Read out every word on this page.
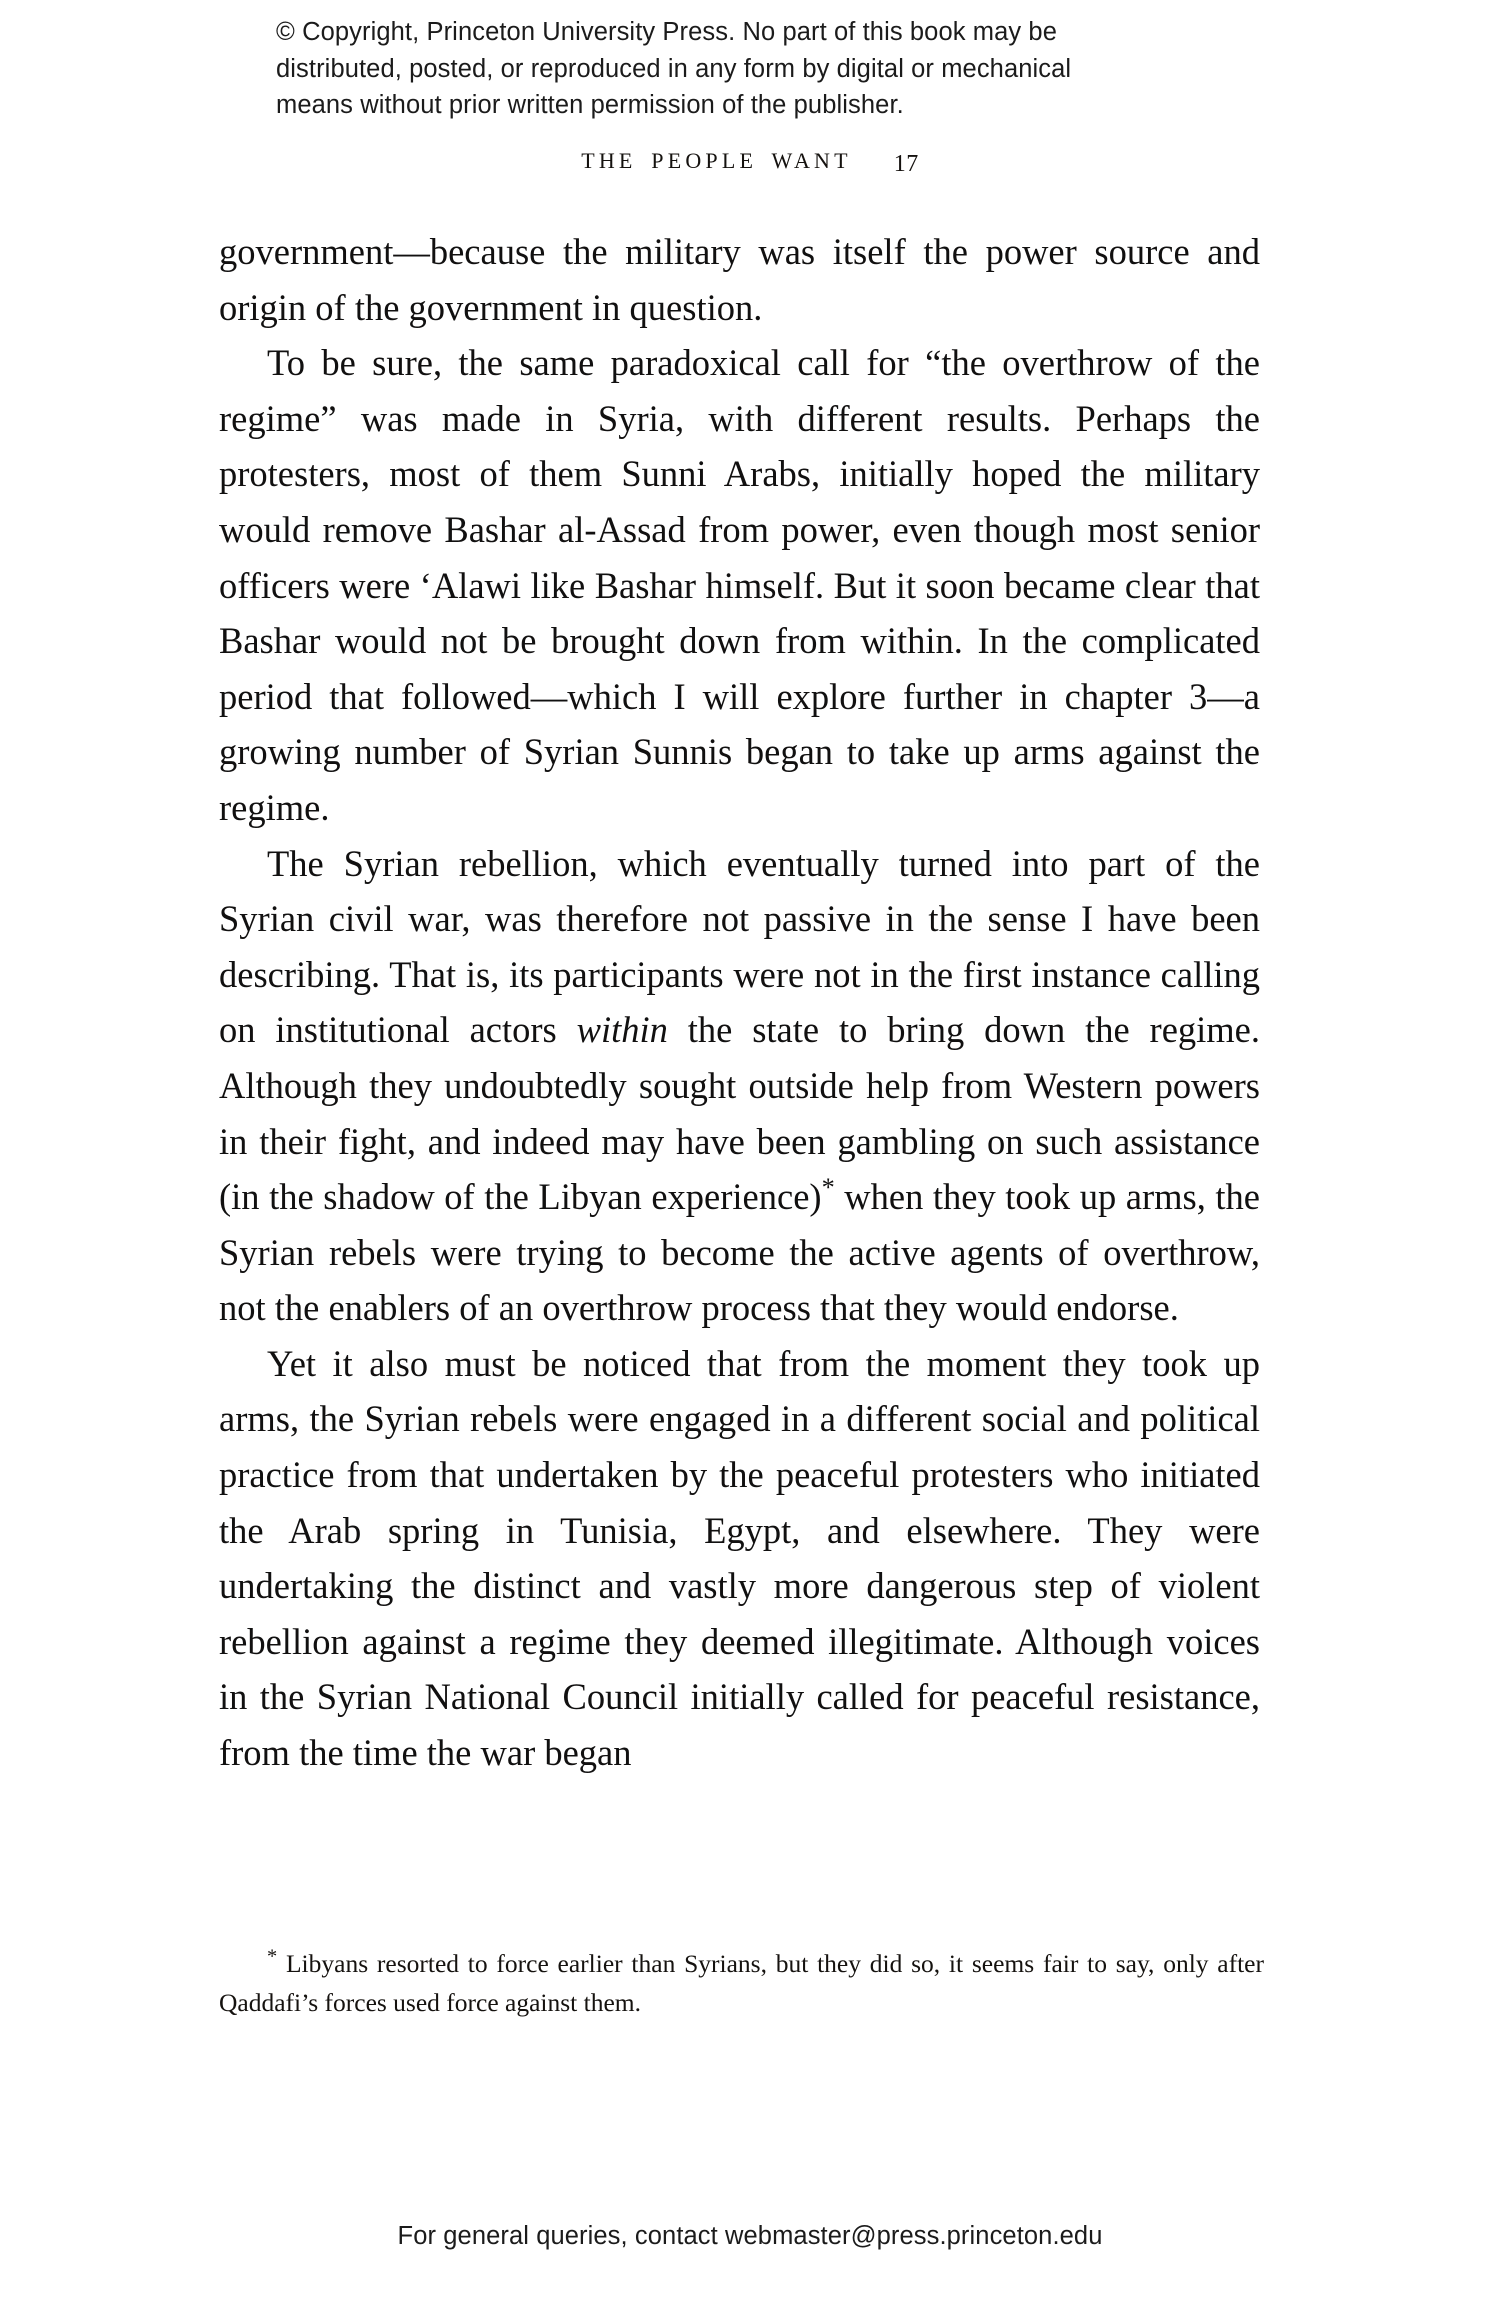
© Copyright, Princeton University Press. No part of this book may be
distributed, posted, or reproduced in any form by digital or mechanical
means without prior written permission of the publisher.
THE PEOPLE WANT 17

government—because the military was itself the power source and origin of the government in question.

To be sure, the same paradoxical call for “the overthrow of the regime” was made in Syria, with different results. Perhaps the protesters, most of them Sunni Arabs, initially hoped the military would remove Bashar al-Assad from power, even though most senior officers were ‘Alawi like Bashar himself. But it soon became clear that Bashar would not be brought down from within. In the complicated period that followed—which I will explore further in chapter 3—a growing number of Syrian Sunnis began to take up arms against the regime.

The Syrian rebellion, which eventually turned into part of the Syrian civil war, was therefore not passive in the sense I have been describing. That is, its participants were not in the first instance calling on institutional actors within the state to bring down the regime. Although they undoubtedly sought outside help from Western powers in their fight, and indeed may have been gambling on such assistance (in the shadow of the Libyan experience)* when they took up arms, the Syrian rebels were trying to become the active agents of overthrow, not the enablers of an overthrow process that they would endorse.

Yet it also must be noticed that from the moment they took up arms, the Syrian rebels were engaged in a different social and political practice from that undertaken by the peaceful protesters who initiated the Arab spring in Tunisia, Egypt, and elsewhere. They were undertaking the distinct and vastly more dangerous step of violent rebellion against a regime they deemed illegitimate. Although voices in the Syrian National Council initially called for peaceful resistance, from the time the war began

* Libyans resorted to force earlier than Syrians, but they did so, it seems fair to say, only after Qaddafi’s forces used force against them.

For general queries, contact webmaster@press.princeton.edu
